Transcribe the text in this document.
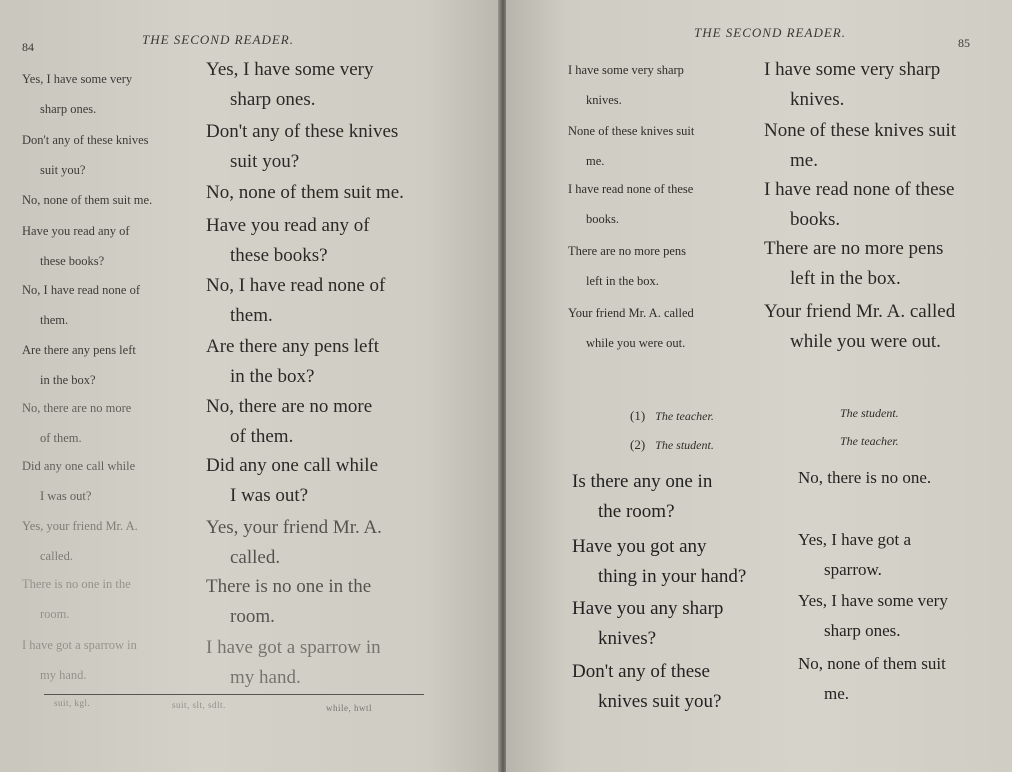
84	THE SECOND READER.
Yes, I have some very
sharp ones.
Yes, I have some very
sharp ones.
Don't any of these knives
suit you?
Don't any of these knives
suit you?
No, none of them suit me.	No, none of them suit me.
Have you read any of
these books?
Have you read any of
these books?
No, I have read none of
them.
No, I have read none of
them.
Are there any pens left
in the box?
Are there any pens left
in the box?
No, there are no more
of them.
No, there are no more
of them.
Did any one call while
I was out?
Did any one call while
I was out?
Yes, your friend Mr. A.
called.
Yes, your friend Mr. A.
called.
There is no one in the
room.
There is no one in the
room.
I have got a sparrow in
my hand.
I have got a sparrow in
my hand.
suit, kgl.	suit, slt, sdlt.	while, hwtl
THE SECOND READER.
85
I have some very sharp
knives.
I have some very sharp
knives.
None of these knives suit
me.
None of these knives suit
me.
I have read none of these
books.
I have read none of these
books.
There are no more pens
left in the box.
There are no more pens
left in the box.
Your friend Mr. A. called
while you were out.
Your friend Mr. A. called
while you were out.
(1) The teacher.	The student.
(2) The student.	The teacher.
Is there any one in
the room?
No, there is no one.
Have you got any
thing in your hand?
Yes, I have got a
sparrow.
Have you any sharp
knives?
Yes, I have some very
sharp ones.
Don't any of these
knives suit you?
No, none of them suit
me.
